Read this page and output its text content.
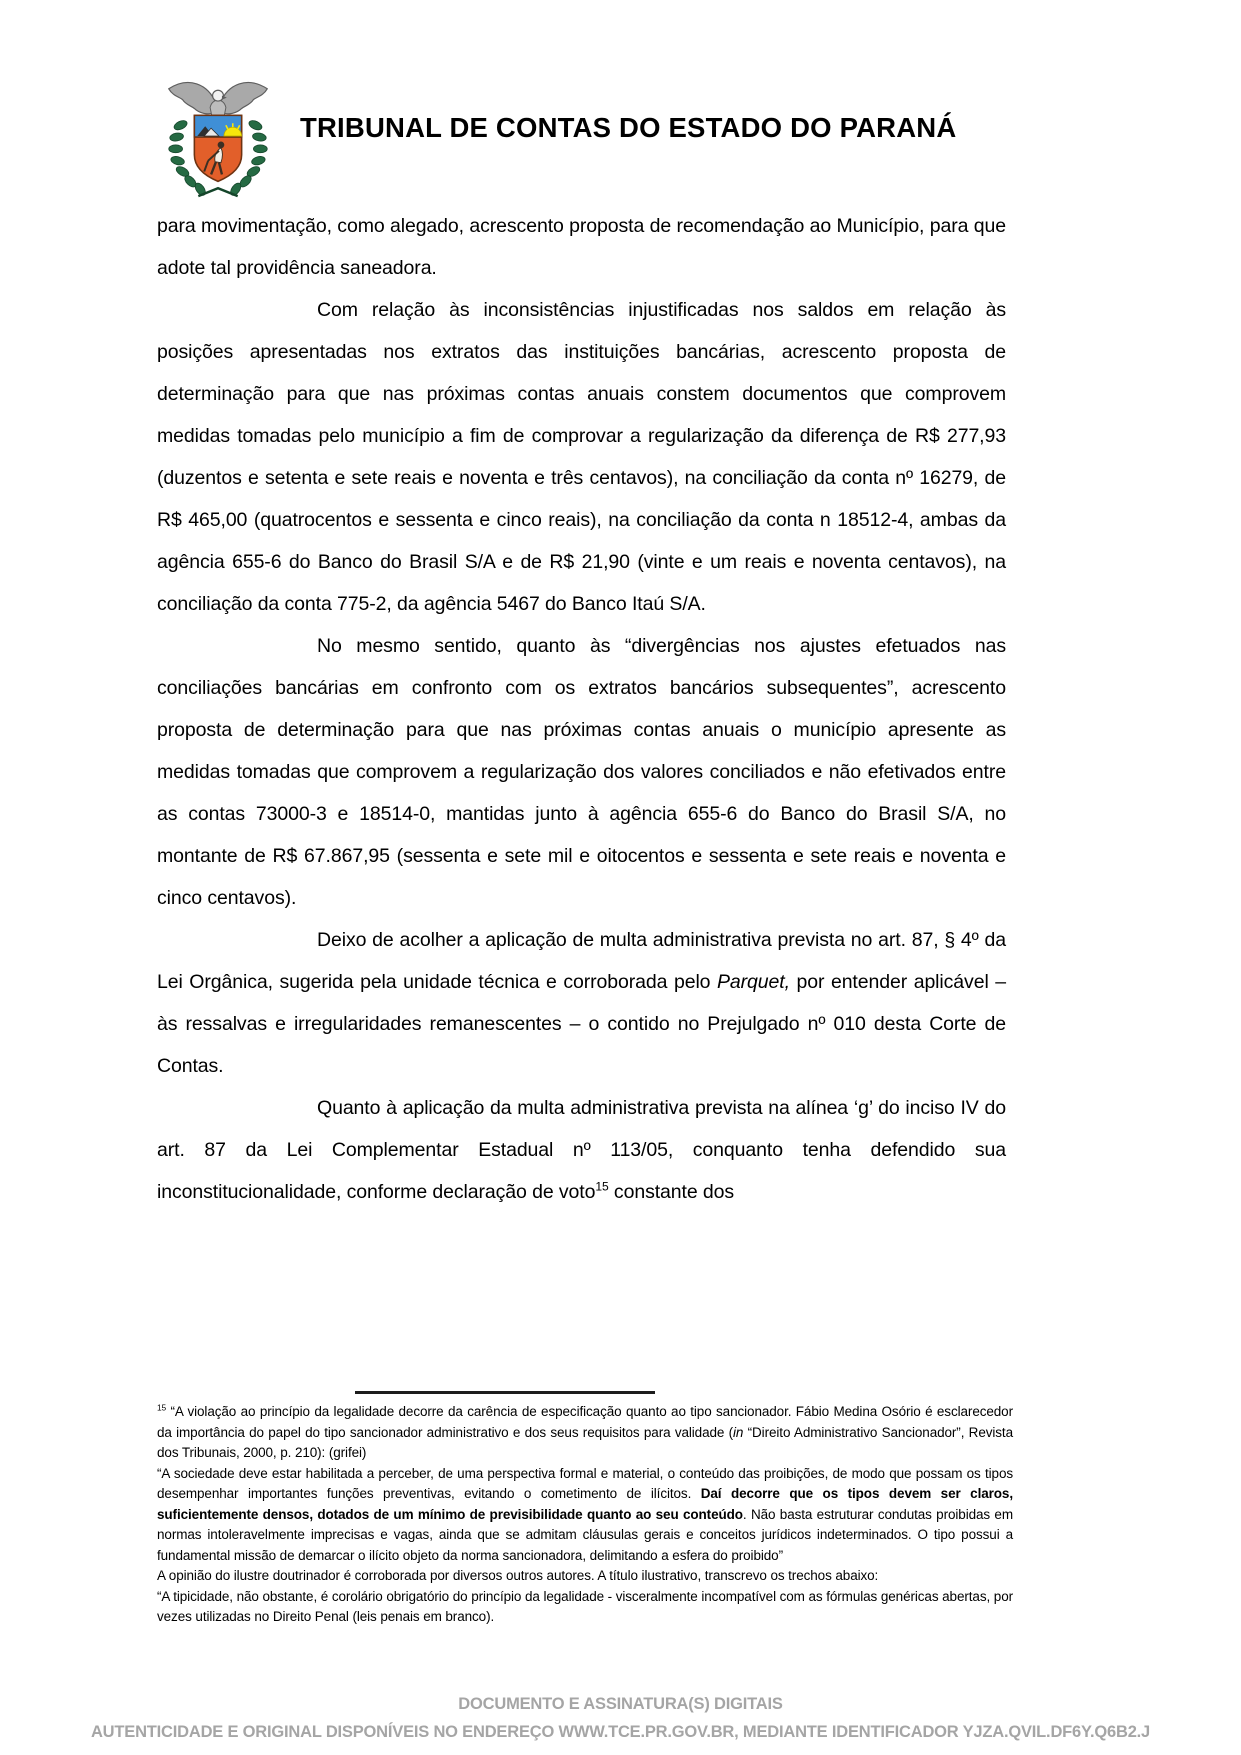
TRIBUNAL DE CONTAS DO ESTADO DO PARANÁ

para movimentação, como alegado, acrescento proposta de recomendação ao Município, para que adote tal providência saneadora.

Com relação às inconsistências injustificadas nos saldos em relação às posições apresentadas nos extratos das instituições bancárias, acrescento proposta de determinação para que nas próximas contas anuais constem documentos que comprovem medidas tomadas pelo município a fim de comprovar a regularização da diferença de R$ 277,93 (duzentos e setenta e sete reais e noventa e três centavos), na conciliação da conta nº 16279, de R$ 465,00 (quatrocentos e sessenta e cinco reais), na conciliação da conta n 18512-4, ambas da agência 655-6 do Banco do Brasil S/A e de R$ 21,90 (vinte e um reais e noventa centavos), na conciliação da conta 775-2, da agência 5467 do Banco Itaú S/A.

No mesmo sentido, quanto às “divergências nos ajustes efetuados nas conciliações bancárias em confronto com os extratos bancários subsequentes”, acrescento proposta de determinação para que nas próximas contas anuais o município apresente as medidas tomadas que comprovem a regularização dos valores conciliados e não efetivados entre as contas 73000-3 e 18514-0, mantidas junto à agência 655-6 do Banco do Brasil S/A, no montante de R$ 67.867,95 (sessenta e sete mil e oitocentos e sessenta e sete reais e noventa e cinco centavos).

Deixo de acolher a aplicação de multa administrativa prevista no art. 87, § 4º da Lei Orgânica, sugerida pela unidade técnica e corroborada pelo Parquet, por entender aplicável – às ressalvas e irregularidades remanescentes – o contido no Prejulgado nº 010 desta Corte de Contas.

Quanto à aplicação da multa administrativa prevista na alínea ‘g’ do inciso IV do art. 87 da Lei Complementar Estadual nº 113/05, conquanto tenha defendido sua inconstitucionalidade, conforme declaração de voto$^{15}$ constante dos

$^{15}$ “A violação ao princípio da legalidade decorre da carência de especificação quanto ao tipo sancionador. Fábio Medina Osório é esclarecedor da importância do papel do tipo sancionador administrativo e dos seus requisitos para validade (in “Direito Administrativo Sancionador”, Revista dos Tribunais, 2000, p. 210): (grifei)

“A sociedade deve estar habilitada a perceber, de uma perspectiva formal e material, o conteúdo das proibições, de modo que possam os tipos desempenhar importantes funções preventivas, evitando o cometimento de ilícitos. Daí decorre que os tipos devem ser claros, suficientemente densos, dotados de um mínimo de previsibilidade quanto ao seu conteúdo. Não basta estruturar condutas proibidas em normas intoleravelmente imprecisas e vagas, ainda que se admitam cláusulas gerais e conceitos jurídicos indeterminados. O tipo possui a fundamental missão de demarcar o ilícito objeto da norma sancionadora, delimitando a esfera do proibido”

A opinião do ilustre doutrinador é corroborada por diversos outros autores. A título ilustrativo, transcrevo os trechos abaixo:

“A tipicidade, não obstante, é corolário obrigatório do princípio da legalidade - visceralmente incompatível com as fórmulas genéricas abertas, por vezes utilizadas no Direito Penal (leis penais em branco).

DOCUMENTO E ASSINATURA(S) DIGITAIS
AUTENTICIDADE E ORIGINAL DISPONÍVEIS NO ENDEREÇO WWW.TCE.PR.GOV.BR, MEDIANTE IDENTIFICADOR YJZA.QVIL.DF6Y.Q6B2.J
